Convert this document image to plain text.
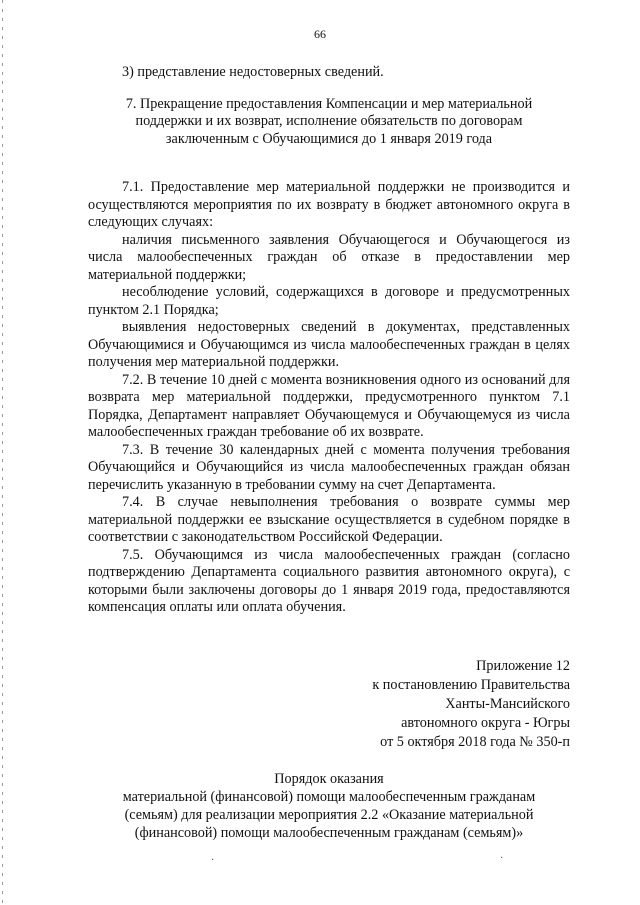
66

3) представление недостоверных сведений.

7. Прекращение предоставления Компенсации и мер материальной
поддержки и их возврат, исполнение обязательств по договорам
заключенным с Обучающимися до 1 января 2019 года

7.1. Предоставление мер материальной поддержки не производится и осуществляются мероприятия по их возврату в бюджет автономного округа в следующих случаях:

наличия письменного заявления Обучающегося и Обучающегося из числа малообеспеченных граждан об отказе в предоставлении мер материальной поддержки;

несоблюдение условий, содержащихся в договоре и предусмотренных пунктом 2.1 Порядка;

выявления недостоверных сведений в документах, представленных Обучающимися и Обучающимся из числа малообеспеченных граждан в целях получения мер материальной поддержки.

7.2. В течение 10 дней с момента возникновения одного из оснований для возврата мер материальной поддержки, предусмотренного пунктом 7.1 Порядка, Департамент направляет Обучающемуся и Обучающемуся из числа малообеспеченных граждан требование об их возврате.

7.3. В течение 30 календарных дней с момента получения требования Обучающийся и Обучающийся из числа малообеспеченных граждан обязан перечислить указанную в требовании сумму на счет Департамента.

7.4. В случае невыполнения требования о возврате суммы мер материальной поддержки ее взыскание осуществляется в судебном порядке в соответствии с законодательством Российской Федерации.

7.5. Обучающимся из числа малообеспеченных граждан (согласно подтверждению Департамента социального развития автономного округа), с которыми были заключены договоры до 1 января 2019 года, предоставляются компенсация оплаты или оплата обучения.

Приложение 12
к постановлению Правительства
Ханты-Мансийского
автономного округа - Югры
от 5 октября 2018 года № 350-п
Порядок оказания
материальной (финансовой) помощи малообеспеченным гражданам
(семьям) для реализации мероприятия 2.2 «Оказание материальной
(финансовой) помощи малообеспеченным гражданам (семьям)»
·	·
